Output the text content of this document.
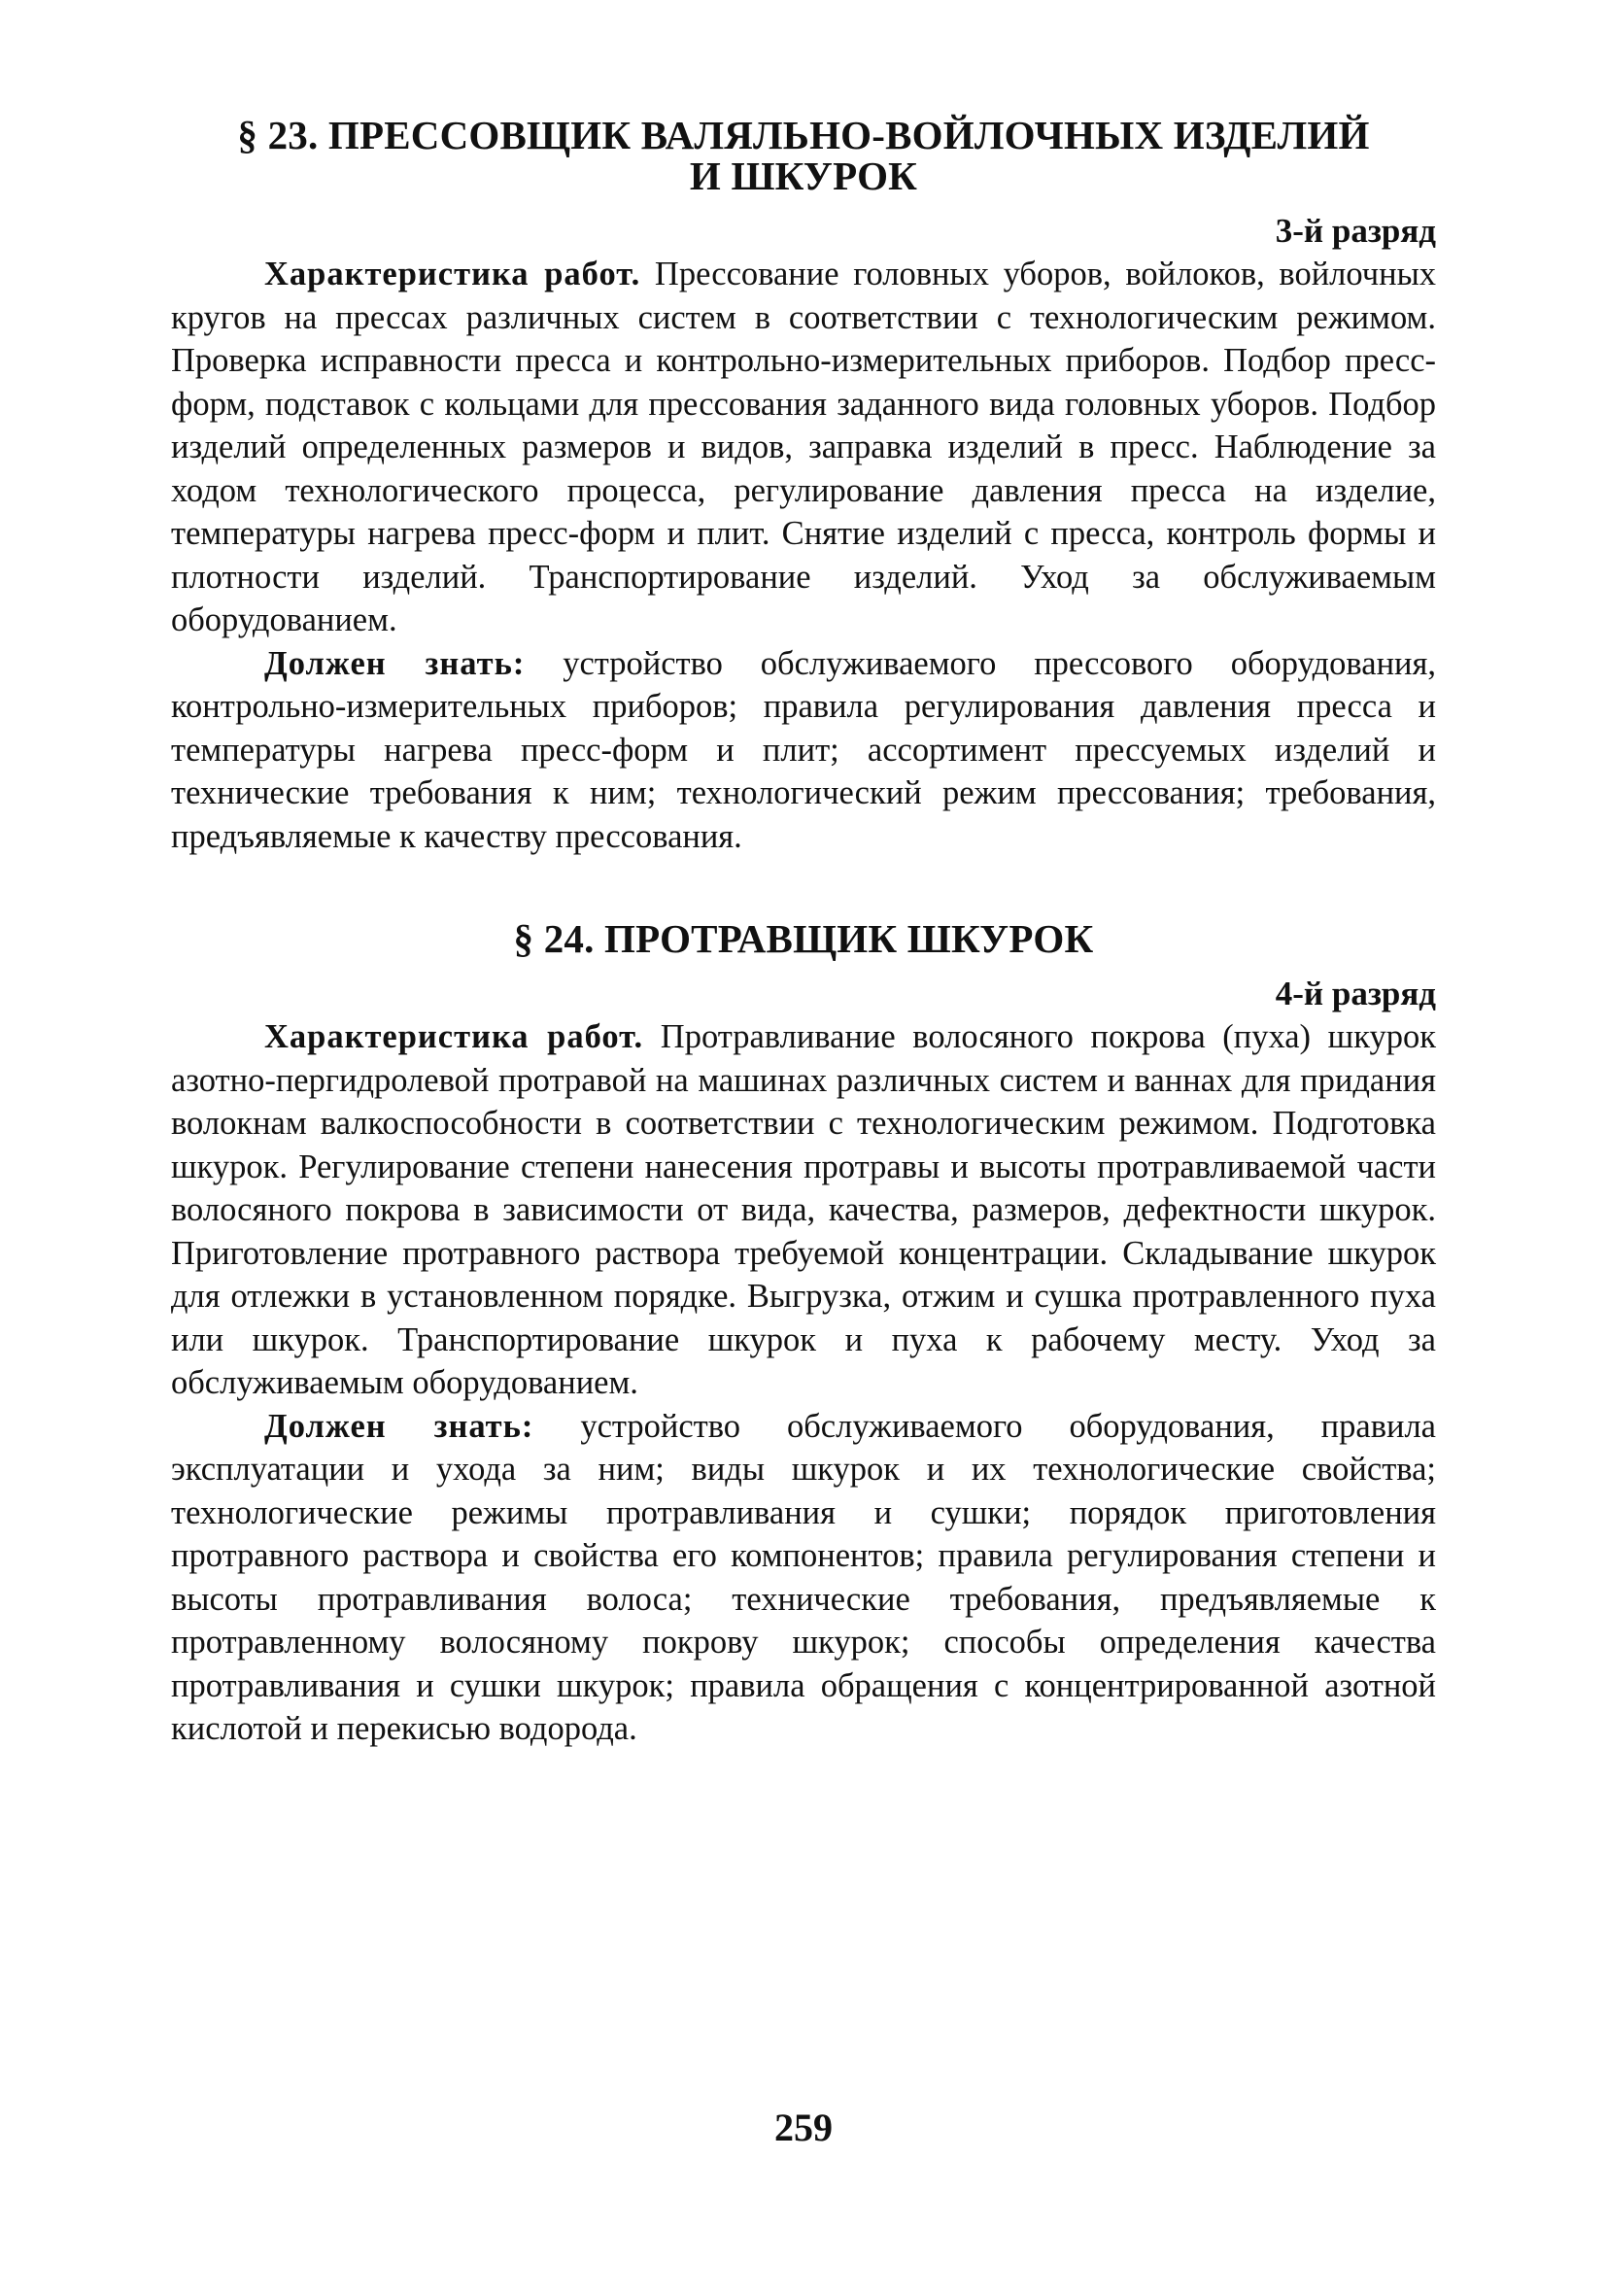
§ 23. ПРЕССОВЩИК ВАЛЯЛЬНО-ВОЙЛОЧНЫХ ИЗДЕЛИЙ
И ШКУРОК

3-й разряд

Характеристика работ. Прессование головных уборов, войлоков, войлочных кругов на прессах различных систем в соответствии с технологическим режимом. Проверка исправности пресса и контрольно-измерительных приборов. Подбор пресс-форм, подставок с кольцами для прессования заданного вида головных уборов. Подбор изделий определенных размеров и видов, заправка изделий в пресс. Наблюдение за ходом технологического процесса, регулирование давления пресса на изделие, температуры нагрева пресс-форм и плит. Снятие изделий с пресса, контроль формы и плотности изделий. Транспортирование изделий. Уход за обслуживаемым оборудованием.

Должен знать: устройство обслуживаемого прессового оборудования, контрольно-измерительных приборов; правила регулирования давления пресса и температуры нагрева пресс-форм и плит; ассортимент прессуемых изделий и технические требования к ним; технологический режим прессования; требования, предъявляемые к качеству прессования.

§ 24. ПРОТРАВЩИК ШКУРОК

4-й разряд

Характеристика работ. Протравливание волосяного покрова (пуха) шкурок азотно-пергидролевой протравой на машинах различных систем и ваннах для придания волокнам валкоспособности в соответствии с технологическим режимом. Подготовка шкурок. Регулирование степени нанесения протравы и высоты протравливаемой части волосяного покрова в зависимости от вида, качества, размеров, дефектности шкурок. Приготовление протравного раствора требуемой концентрации. Складывание шкурок для отлежки в установленном порядке. Выгрузка, отжим и сушка протравленного пуха или шкурок. Транспортирование шкурок и пуха к рабочему месту. Уход за обслуживаемым оборудованием.

Должен знать: устройство обслуживаемого оборудования, правила эксплуатации и ухода за ним; виды шкурок и их технологические свойства; технологические режимы протравливания и сушки; порядок приготовления протравного раствора и свойства его компонентов; правила регулирования степени и высоты протравливания волоса; технические требования, предъявляемые к протравленному волосяному покрову шкурок; способы определения качества протравливания и сушки шкурок; правила обращения с концентрированной азотной кислотой и перекисью водорода.

259
